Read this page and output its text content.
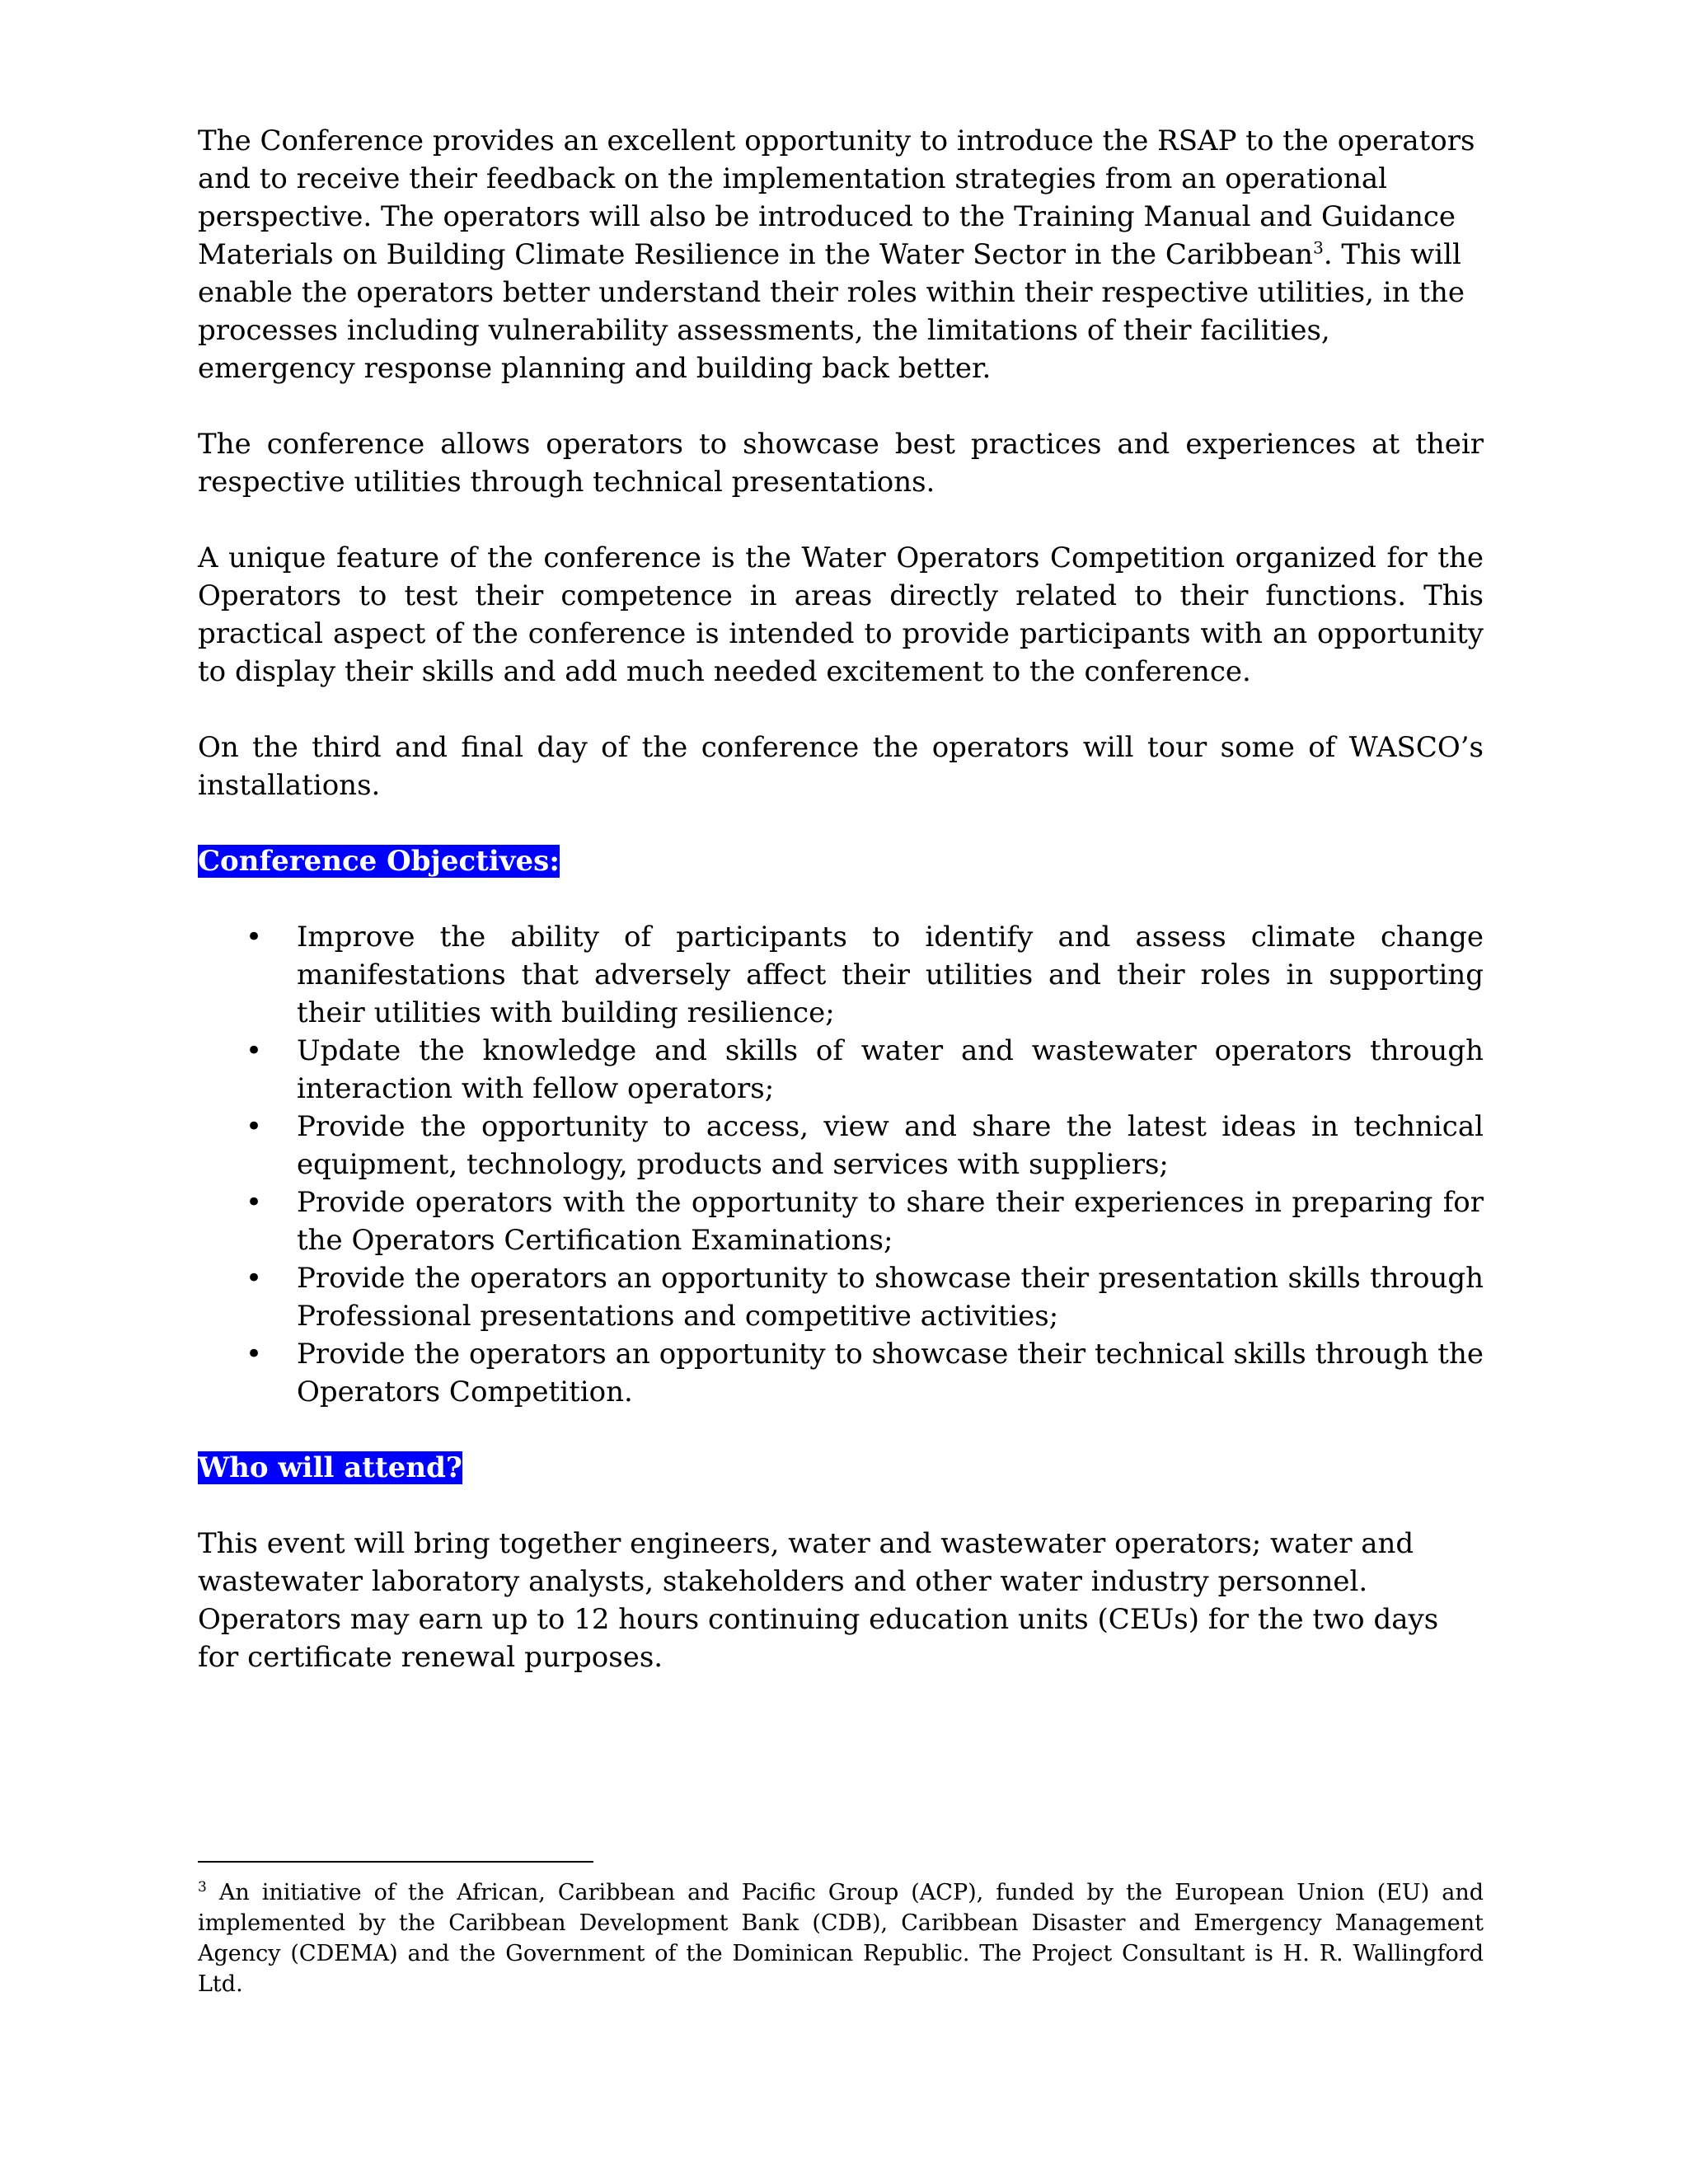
The Conference provides an excellent opportunity to introduce the RSAP to the operators and to receive their feedback on the implementation strategies from an operational perspective. The operators will also be introduced to the Training Manual and Guidance Materials on Building Climate Resilience in the Water Sector in the Caribbean$^3$. This will enable the operators better understand their roles within their respective utilities, in the processes including vulnerability assessments, the limitations of their facilities, emergency response planning and building back better.

The conference allows operators to showcase best practices and experiences at their respective utilities through technical presentations.

A unique feature of the conference is the Water Operators Competition organized for the Operators to test their competence in areas directly related to their functions. This practical aspect of the conference is intended to provide participants with an opportunity to display their skills and add much needed excitement to the conference.

On the third and final day of the conference the operators will tour some of WASCO’s installations.

Conference Objectives:

• Improve the ability of participants to identify and assess climate change manifestations that adversely affect their utilities and their roles in supporting their utilities with building resilience;
• Update the knowledge and skills of water and wastewater operators through interaction with fellow operators;
• Provide the opportunity to access, view and share the latest ideas in technical equipment, technology, products and services with suppliers;
• Provide operators with the opportunity to share their experiences in preparing for the Operators Certification Examinations;
• Provide the operators an opportunity to showcase their presentation skills through Professional presentations and competitive activities;
• Provide the operators an opportunity to showcase their technical skills through the Operators Competition.

Who will attend?

This event will bring together engineers, water and wastewater operators; water and wastewater laboratory analysts, stakeholders and other water industry personnel. Operators may earn up to 12 hours continuing education units (CEUs) for the two days for certificate renewal purposes.

$^3$ An initiative of the African, Caribbean and Pacific Group (ACP), funded by the European Union (EU) and implemented by the Caribbean Development Bank (CDB), Caribbean Disaster and Emergency Management Agency (CDEMA) and the Government of the Dominican Republic. The Project Consultant is H. R. Wallingford Ltd.
